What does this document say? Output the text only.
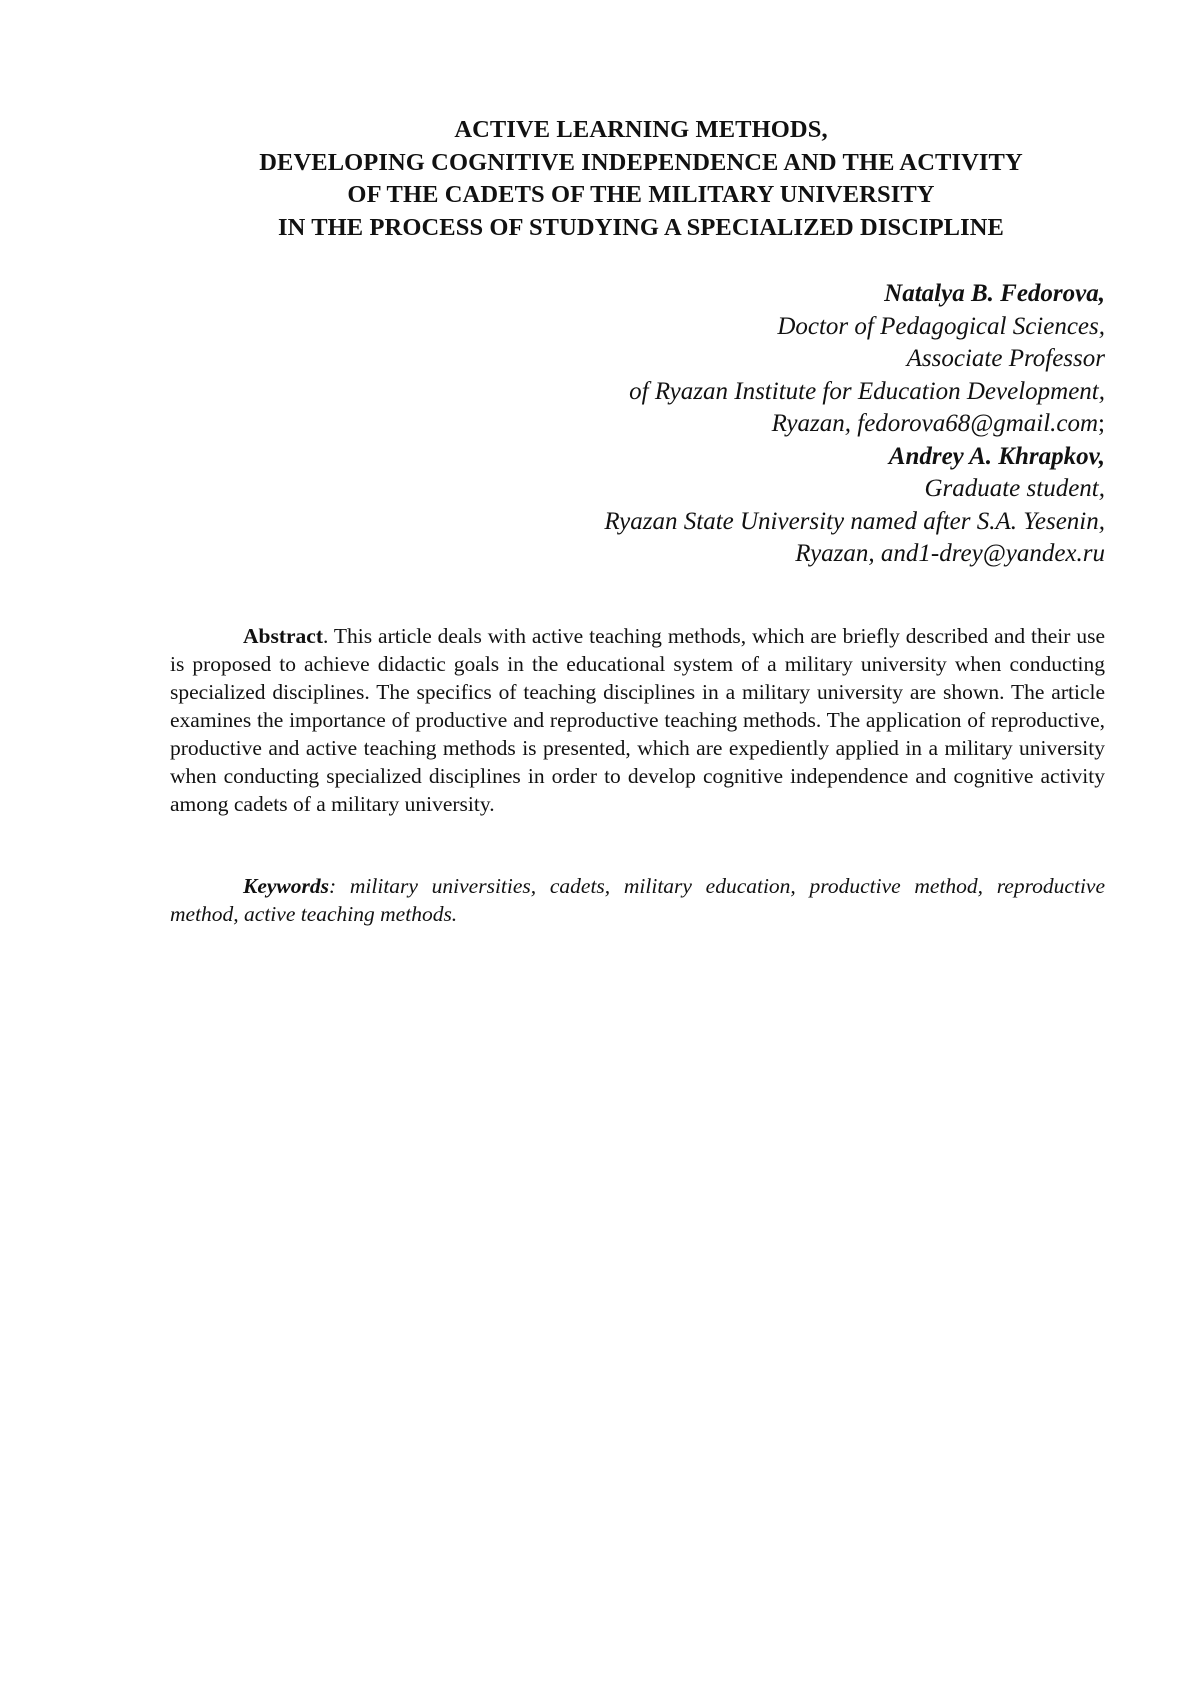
ACTIVE LEARNING METHODS,
DEVELOPING COGNITIVE INDEPENDENCE AND THE ACTIVITY
OF THE CADETS OF THE MILITARY UNIVERSITY
IN THE PROCESS OF STUDYING A SPECIALIZED DISCIPLINE
Natalya B. Fedorova,
Doctor of Pedagogical Sciences,
Associate Professor
of Ryazan Institute for Education Development,
Ryazan, fedorova68@gmail.com;
Andrey A. Khrapkov,
Graduate student,
Ryazan State University named after S.A. Yesenin,
Ryazan, and1-drey@yandex.ru

Abstract. This article deals with active teaching methods, which are briefly described and their use is proposed to achieve didactic goals in the educational system of a military university when conducting specialized disciplines. The specifics of teaching disciplines in a military university are shown. The article examines the importance of productive and reproductive teaching methods. The application of reproductive, productive and active teaching methods is presented, which are expediently applied in a military university when conducting specialized disciplines in order to develop cognitive independence and cognitive activity among cadets of a military university.

Keywords: military universities, cadets, military education, productive method, reproductive method, active teaching methods.
